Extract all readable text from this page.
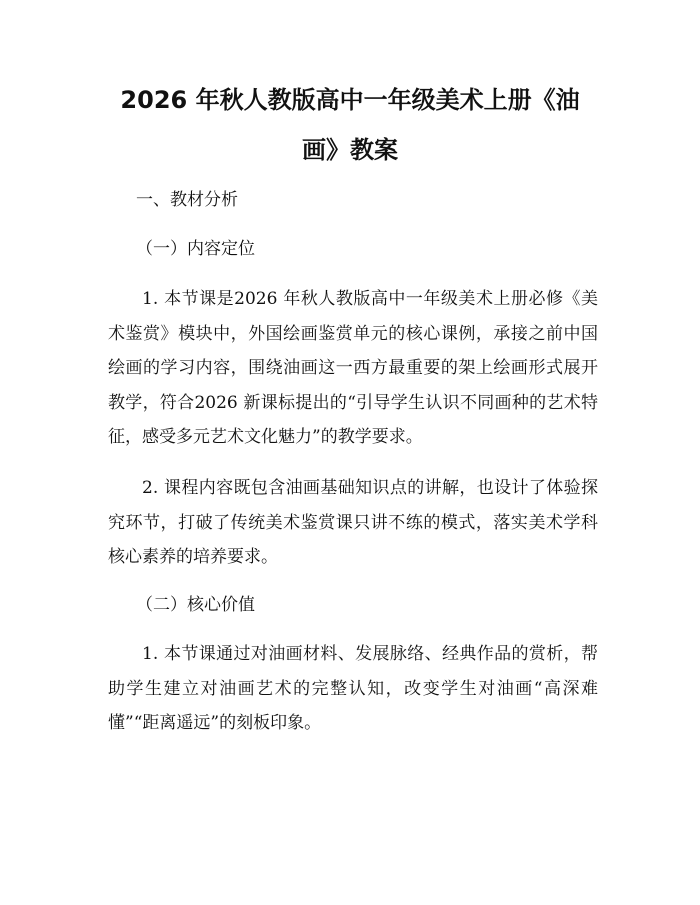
2026 年秋人教版高中一年级美术上册《油
画》教案
一、教材分析
（一）内容定位

1. 本节课是2026 年秋人教版高中一年级美术上册必修《美术鉴赏》模块中，外国绘画鉴赏单元的核心课例，承接之前中国绘画的学习内容，围绕油画这一西方最重要的架上绘画形式展开教学，符合2026 新课标提出的“引导学生认识不同画种的艺术特征，感受多元艺术文化魅力”的教学要求。

2. 课程内容既包含油画基础知识点的讲解，也设计了体验探究环节，打破了传统美术鉴赏课只讲不练的模式，落实美术学科核心素养的培养要求。

（二）核心价值

1. 本节课通过对油画材料、发展脉络、经典作品的赏析，帮助学生建立对油画艺术的完整认知，改变学生对油画“高深难懂”“距离遥远”的刻板印象。
